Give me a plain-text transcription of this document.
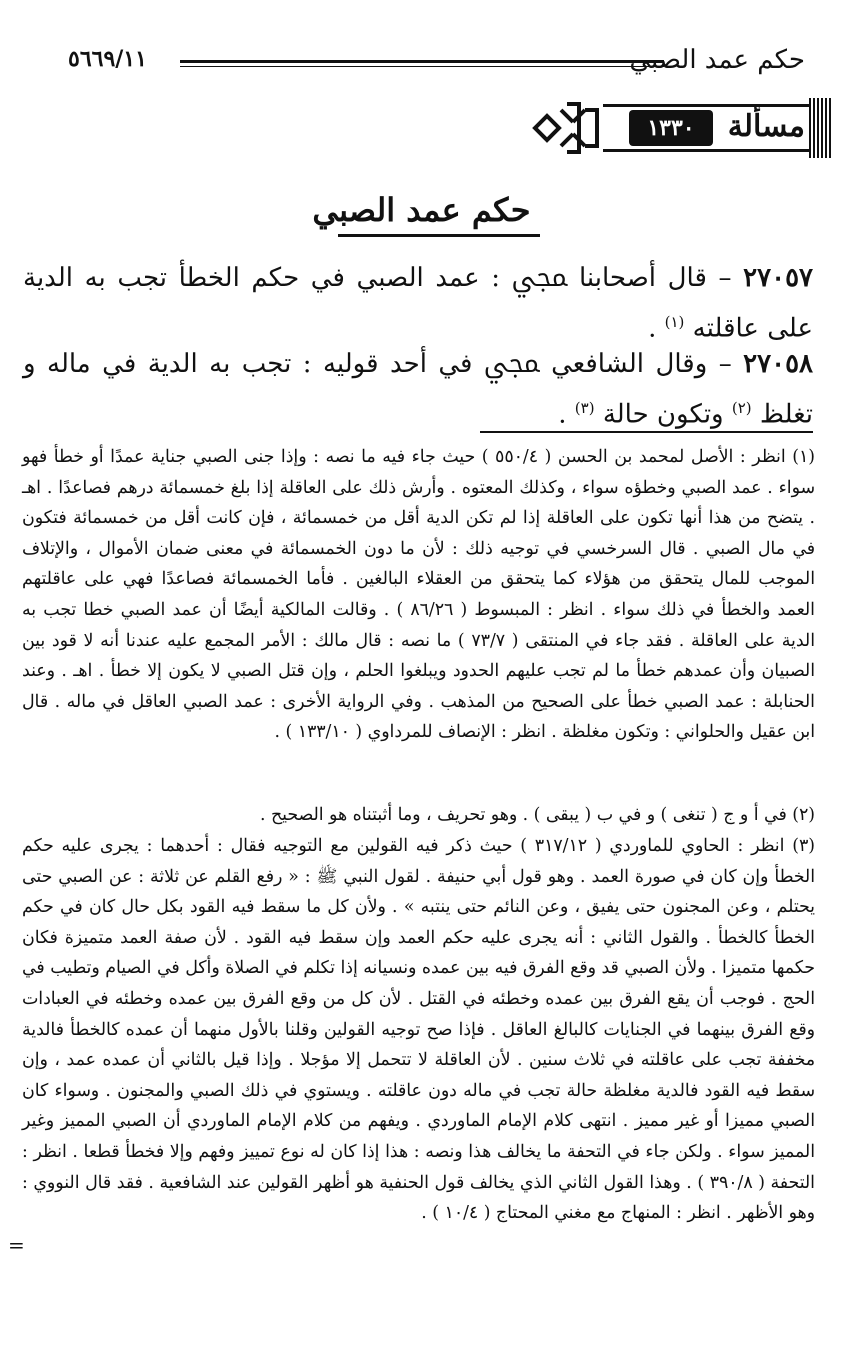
حكم عمد الصبي
٥٦٦٩/١١
مسألة
١٣٣٠
حكم عمد الصبي
٢٧٠٥٧ – قال أصحابنا ﷀ : عمد الصبي في حكم الخطأ تجب به الدية على عاقلته $^{(١)}$ .
٢٧٠٥٨ – وقال الشافعي ﷀ في أحد قوليه : تجب به الدية في ماله و تغلظ $^{(٢)}$ وتكون حالة $^{(٣)}$ .
(١) انظر : الأصل لمحمد بن الحسن ( ٥٥٠/٤ ) حيث جاء فيه ما نصه : وإذا جنى الصبي جناية عمدًا أو خطأ فهو سواء . عمد الصبي وخطؤه سواء ، وكذلك المعتوه . وأرش ذلك على العاقلة إذا بلغ خمسمائة درهم فصاعدًا . اهـ . يتضح من هذا أنها تكون على العاقلة إذا لم تكن الدية أقل من خمسمائة ، فإن كانت أقل من خمسمائة فتكون في مال الصبي . قال السرخسي في توجيه ذلك : لأن ما دون الخمسمائة في معنى ضمان الأموال ، والإتلاف الموجب للمال يتحقق من هؤلاء كما يتحقق من العقلاء البالغين . فأما الخمسمائة فصاعدًا فهي على عاقلتهم العمد والخطأ في ذلك سواء . انظر : المبسوط ( ٨٦/٢٦ ) . وقالت المالكية أيضًا أن عمد الصبي خطا تجب به الدية على العاقلة . فقد جاء في المنتقى ( ٧٣/٧ ) ما نصه : قال مالك : الأمر المجمع عليه عندنا أنه لا قود بين الصبيان وأن عمدهم خطأ ما لم تجب عليهم الحدود ويبلغوا الحلم ، وإن قتل الصبي لا يكون إلا خطأ . اهـ . وعند الحنابلة : عمد الصبي خطأ على الصحيح من المذهب . وفي الرواية الأخرى : عمد الصبي العاقل في ماله . قال ابن عقيل والحلواني : وتكون مغلظة . انظر : الإنصاف للمرداوي ( ١٣٣/١٠ ) .
(٢) في أ و ج ( تنغى ) و في ب ( يبقى ) . وهو تحريف ، وما أثبتناه هو الصحيح .
(٣) انظر : الحاوي للماوردي ( ٣١٧/١٢ ) حيث ذكر فيه القولين مع التوجيه فقال : أحدهما : يجرى عليه حكم الخطأ وإن كان في صورة العمد . وهو قول أبي حنيفة . لقول النبي ﷺ : « رفع القلم عن ثلاثة : عن الصبي حتى يحتلم ، وعن المجنون حتى يفيق ، وعن النائم حتى ينتبه » . ولأن كل ما سقط فيه القود بكل حال كان في حكم الخطأ كالخطأ . والقول الثاني : أنه يجرى عليه حكم العمد وإن سقط فيه القود . لأن صفة العمد متميزة فكان حكمها متميزا . ولأن الصبي قد وقع الفرق فيه بين عمده ونسيانه إذا تكلم في الصلاة وأكل في الصيام وتطيب في الحج . فوجب أن يقع الفرق بين عمده وخطئه في القتل . لأن كل من وقع الفرق بين عمده وخطئه في العبادات وقع الفرق بينهما في الجنايات كالبالغ العاقل . فإذا صح توجيه القولين وقلنا بالأول منهما أن عمده كالخطأ فالدية مخففة تجب على عاقلته في ثلاث سنين . لأن العاقلة لا تتحمل إلا مؤجلا . وإذا قيل بالثاني أن عمده عمد ، وإن سقط فيه القود فالدية مغلظة حالة تجب في ماله دون عاقلته . ويستوي في ذلك الصبي والمجنون . وسواء كان الصبي مميزا أو غير مميز . انتهى كلام الإمام الماوردي . ويفهم من كلام الإمام الماوردي أن الصبي المميز وغير المميز سواء . ولكن جاء في التحفة ما يخالف هذا ونصه : هذا إذا كان له نوع تمييز وفهم وإلا فخطأ قطعا . انظر : التحفة ( ٣٩٠/٨ ) . وهذا القول الثاني الذي يخالف قول الحنفية هو أظهر القولين عند الشافعية . فقد قال النووي : وهو الأظهر . انظر : المنهاج مع مغني المحتاج ( ١٠/٤ ) .
=
